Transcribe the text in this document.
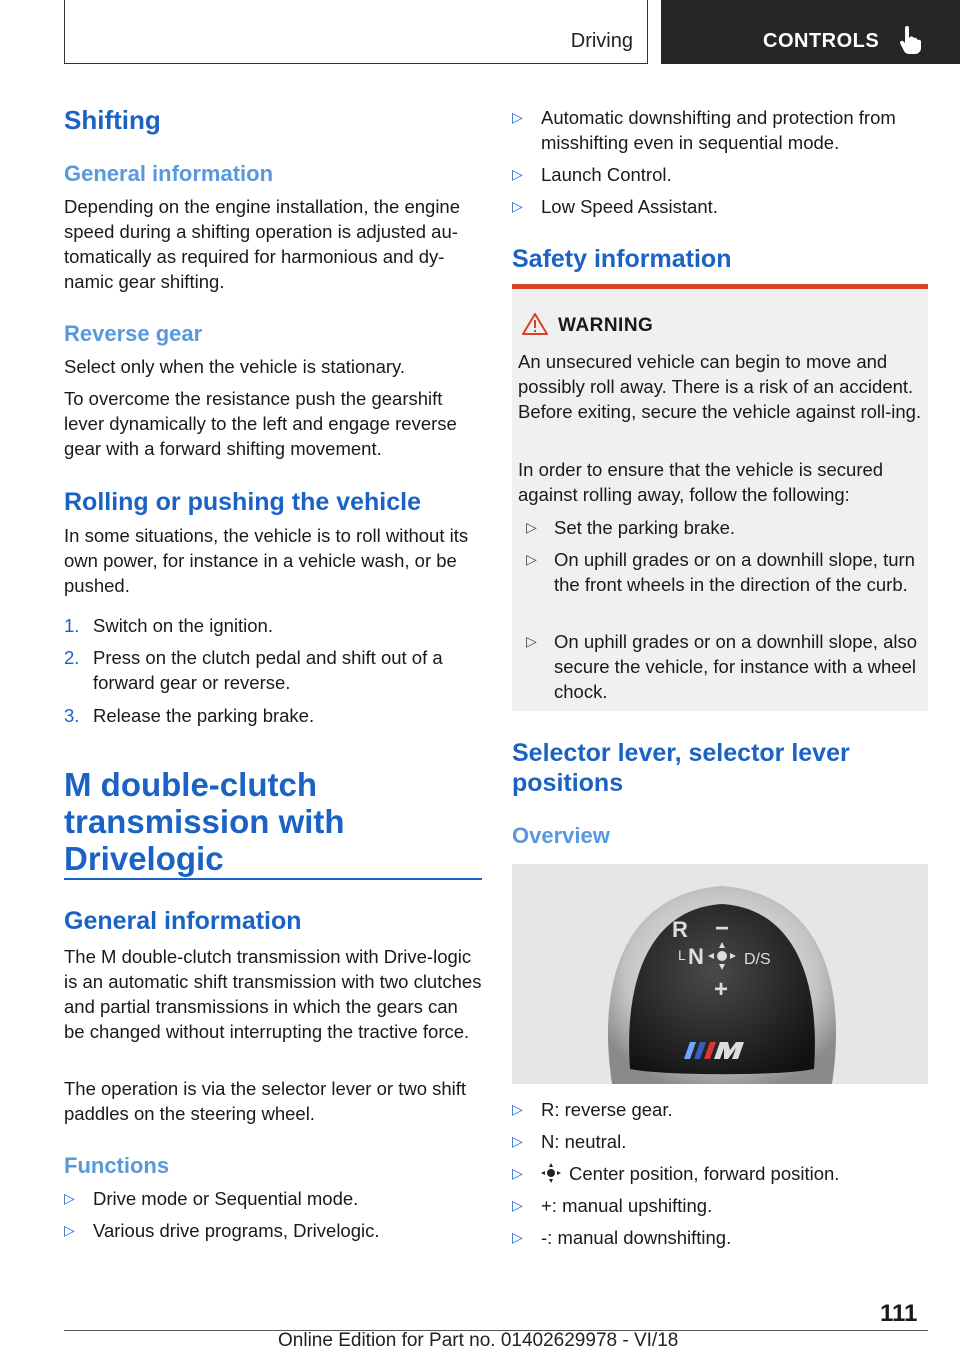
Driving	CONTROLS
Shifting
General information

Depending on the engine installation, the engine speed during a shifting operation is adjusted au-tomatically as required for harmonious and dy-namic gear shifting.

Reverse gear

Select only when the vehicle is stationary.

To overcome the resistance push the gearshift lever dynamically to the left and engage reverse gear with a forward shifting movement.

Rolling or pushing the vehicle

In some situations, the vehicle is to roll without its own power, for instance in a vehicle wash, or be pushed.

1. Switch on the ignition.
2. Press on the clutch pedal and shift out of a forward gear or reverse.
3. Release the parking brake.
M double-clutch transmission with Drivelogic
General information

The M double-clutch transmission with Drive-logic is an automatic shift transmission with two clutches and partial transmissions in which the gears can be changed without interrupting the tractive force.

The operation is via the selector lever or two shift paddles on the steering wheel.

Functions
▷ Drive mode or Sequential mode.
▷ Various drive programs, Drivelogic.
▷ Automatic downshifting and protection from misshifting even in sequential mode.
▷ Launch Control.
▷ Low Speed Assistant.
Safety information
Selector lever, selector lever positions
Overview
▷ R: reverse gear.
▷ N: neutral.
▷	Center position, forward position.
▷ +: manual upshifting.
▷ -: manual downshifting.
WARNING

An unsecured vehicle can begin to move and possibly roll away. There is a risk of an accident. Before exiting, secure the vehicle against roll-ing.

In order to ensure that the vehicle is secured against rolling away, follow the following:

▷ Set the parking brake.
▷ On uphill grades or on a downhill slope, turn the front wheels in the direction of the curb.
▷ On uphill grades or on a downhill slope, also secure the vehicle, for instance with a wheel chock.
R
N
L
−
D/S
+
111
Online Edition for Part no. 01402629978 - VI/18
